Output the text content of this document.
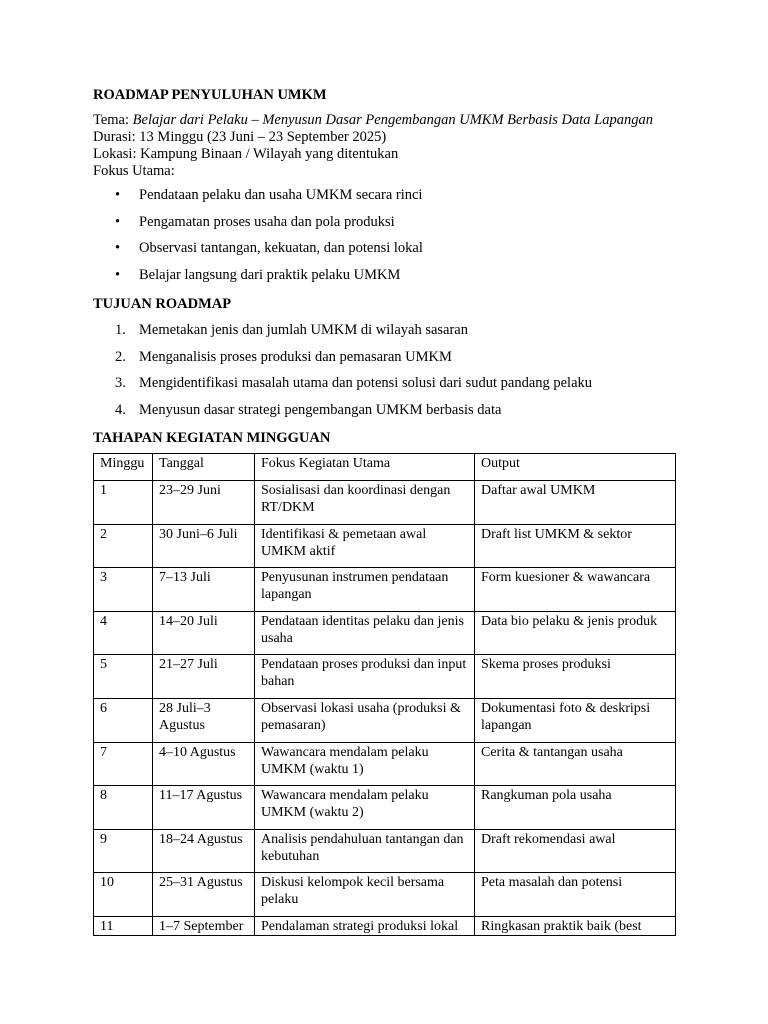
ROADMAP PENYULUHAN UMKM

Tema: Belajar dari Pelaku – Menyusun Dasar Pengembangan UMKM Berbasis Data Lapangan
Durasi: 13 Minggu (23 Juni – 23 September 2025)
Lokasi: Kampung Binaan / Wilayah yang ditentukan
Fokus Utama:
• Pendataan pelaku dan usaha UMKM secara rinci
• Pengamatan proses usaha dan pola produksi
• Observasi tantangan, kekuatan, dan potensi lokal
• Belajar langsung dari praktik pelaku UMKM

TUJUAN ROADMAP

1. Memetakan jenis dan jumlah UMKM di wilayah sasaran
2. Menganalisis proses produksi dan pemasaran UMKM
3. Mengidentifikasi masalah utama dan potensi solusi dari sudut pandang pelaku
4. Menyusun dasar strategi pengembangan UMKM berbasis data

TAHAPAN KEGIATAN MINGGUAN

Minggu	Tanggal	Fokus Kegiatan Utama	Output
1	23–29 Juni	Sosialisasi dan koordinasi dengan RT/DKM	Daftar awal UMKM
2	30 Juni–6 Juli	Identifikasi & pemetaan awal UMKM aktif	Draft list UMKM & sektor
3	7–13 Juli	Penyusunan instrumen pendataan lapangan	Form kuesioner & wawancara
4	14–20 Juli	Pendataan identitas pelaku dan jenis usaha	Data bio pelaku & jenis produk
5	21–27 Juli	Pendataan proses produksi dan input bahan	Skema proses produksi
6	28 Juli–3 Agustus	Observasi lokasi usaha (produksi & pemasaran)	Dokumentasi foto & deskripsi lapangan
7	4–10 Agustus	Wawancara mendalam pelaku UMKM (waktu 1)	Cerita & tantangan usaha
8	11–17 Agustus	Wawancara mendalam pelaku UMKM (waktu 2)	Rangkuman pola usaha
9	18–24 Agustus	Analisis pendahuluan tantangan dan kebutuhan	Draft rekomendasi awal
10	25–31 Agustus	Diskusi kelompok kecil bersama pelaku	Peta masalah dan potensi
11	1–7 September	Pendalaman strategi produksi lokal	Ringkasan praktik baik (best
